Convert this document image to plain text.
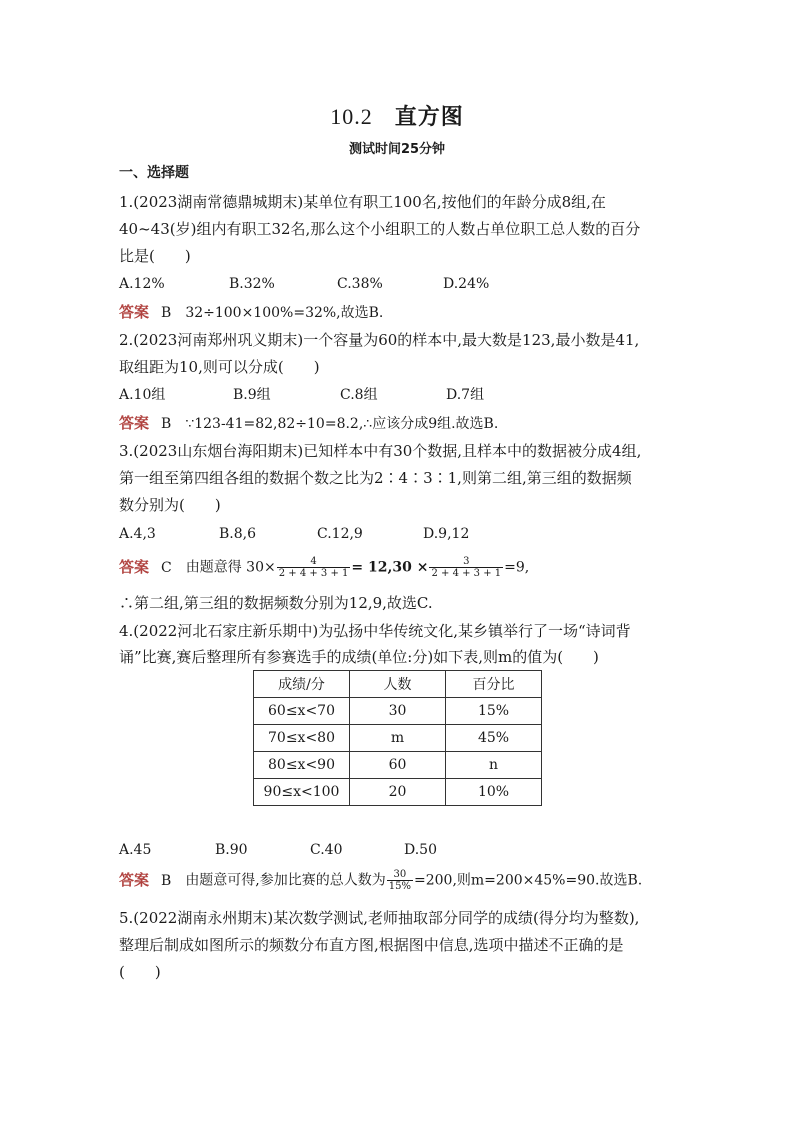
10.2 直方图
测试时间25分钟
一、选择题
1.(2023湖南常德鼎城期末)某单位有职工100名,按他们的年龄分成8组,在
40~43(岁)组内有职工32名,那么这个小组职工的人数占单位职工总人数的百分
比是(　　)
A.12%	B.32%	C.38%	D.24%
答案 B 32÷100×100%=32%,故选B.
2.(2023河南郑州巩义期末)一个容量为60的样本中,最大数是123,最小数是41,
取组距为10,则可以分成(　　)
A.10组	B.9组	C.8组	D.7组
答案 B ∵123-41=82,82÷10=8.2,∴应该分成9组.故选B.
3.(2023山东烟台海阳期末)已知样本中有30个数据,且样本中的数据被分成4组,
第一组至第四组各组的数据个数之比为2∶4∶3∶1,则第二组,第三组的数据频
数分别为(　　)
A.4,3	B.8,6	C.12,9	D.9,12
答案 C 由题意得 $30\times \frac{4}{2 + 4 + 3 + 1} = 12,30 \times \frac{3}{2 + 4 + 3 + 1} =9$,
∴第二组,第三组的数据频数分别为12,9,故选C.
4.(2022河北石家庄新乐期中)为弘扬中华传统文化,某乡镇举行了一场“诗词背
诵”比赛,赛后整理所有参赛选手的成绩(单位:分)如下表,则m的值为(　　)
成绩/分	人数	百分比
60≤x<70	30	15%
70≤x<80	m	45%
80≤x<90	60	n
90≤x<100	20	10%
A.45	B.90	C.40	D.50
答案 B 由题意可得,参加比赛的总人数为 $\frac{30}{15\%} =200$,则m=200×45%=90.故选B.
5.(2022湖南永州期末)某次数学测试,老师抽取部分同学的成绩(得分均为整数),
整理后制成如图所示的频数分布直方图,根据图中信息,选项中描述不正确的是
(　　)
